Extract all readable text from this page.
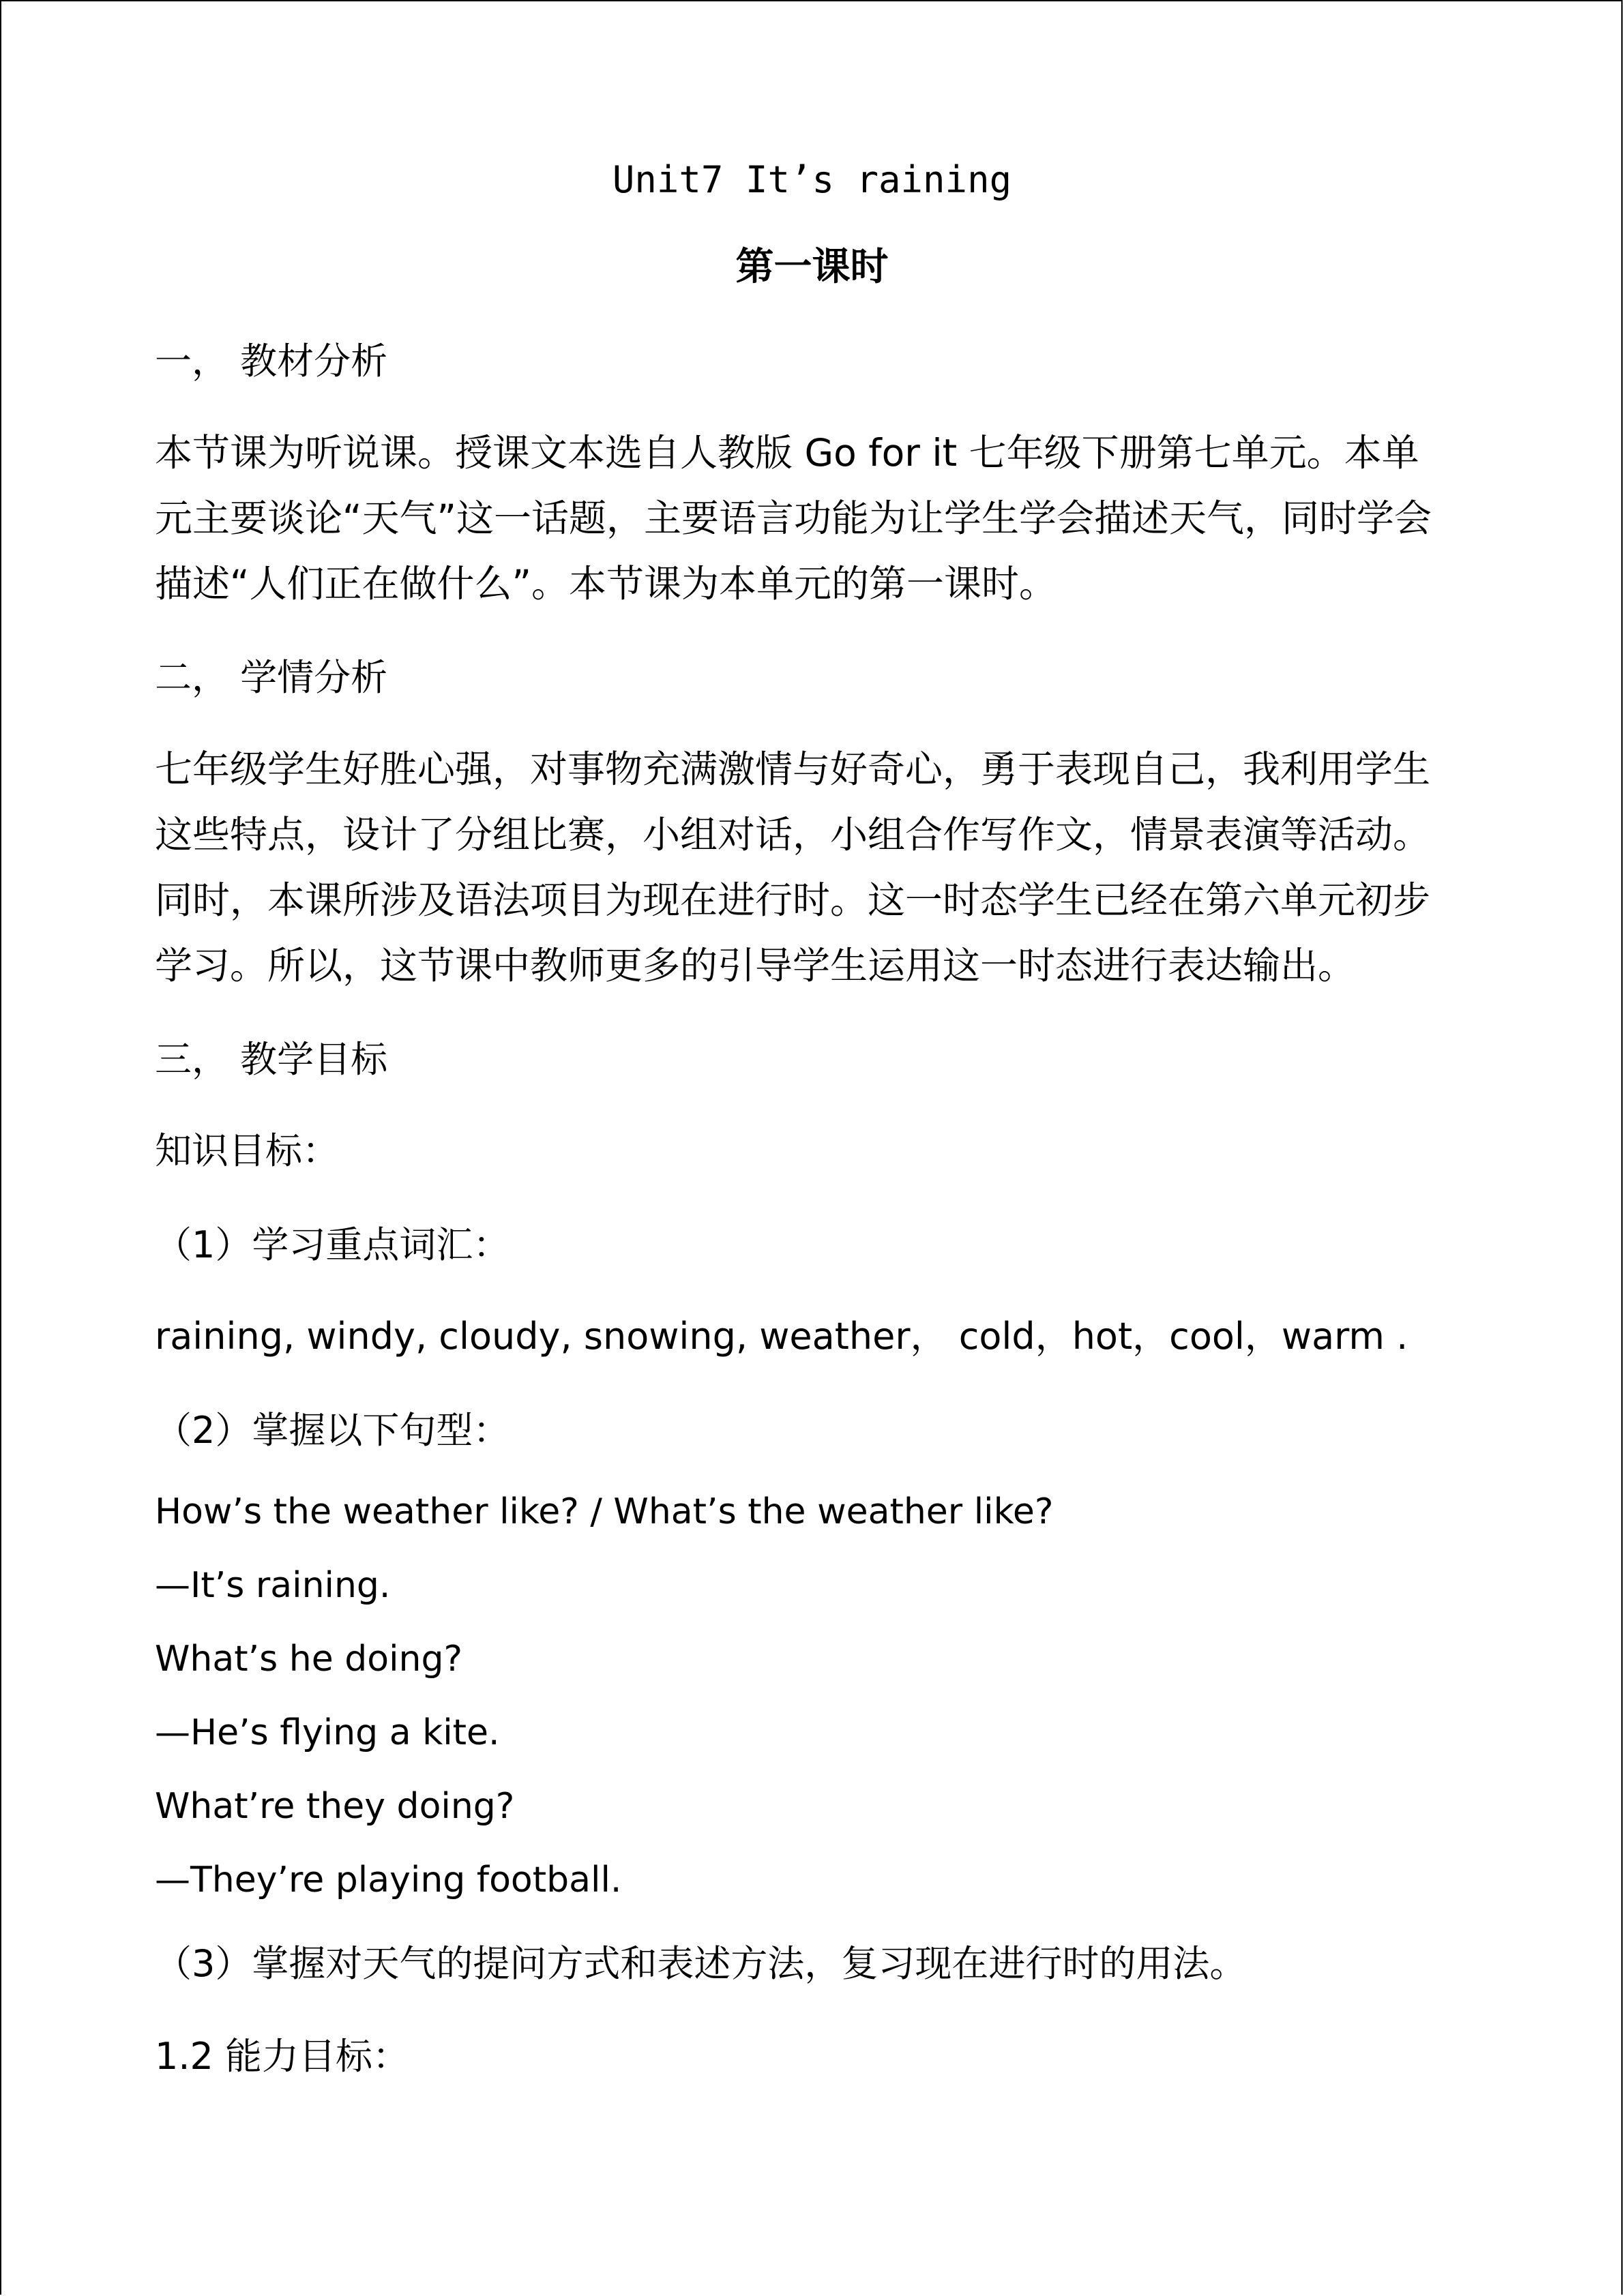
Unit7 It’s raining
第一课时
一， 教材分析
本节课为听说课。授课文本选自人教版 Go for it 七年级下册第七单元。本单
元主要谈论“天气”这一话题，主要语言功能为让学生学会描述天气，同时学会
描述“人们正在做什么”。本节课为本单元的第一课时。
二， 学情分析
七年级学生好胜心强，对事物充满激情与好奇心，勇于表现自己，我利用学生
这些特点，设计了分组比赛，小组对话，小组合作写作文，情景表演等活动。
同时，本课所涉及语法项目为现在进行时。这一时态学生已经在第六单元初步
学习。所以，这节课中教师更多的引导学生运用这一时态进行表达输出。
三， 教学目标
知识目标：
（1）学习重点词汇：
raining, windy, cloudy, snowing, weather， cold，hot，cool，warm .
（2）掌握以下句型：
How’s the weather like? / What’s the weather like?
—It’s raining.
What’s he doing?
—He’s flying a kite.
What’re they doing?
—They’re playing football.
（3）掌握对天气的提问方式和表述方法，复习现在进行时的用法。
1.2 能力目标：
